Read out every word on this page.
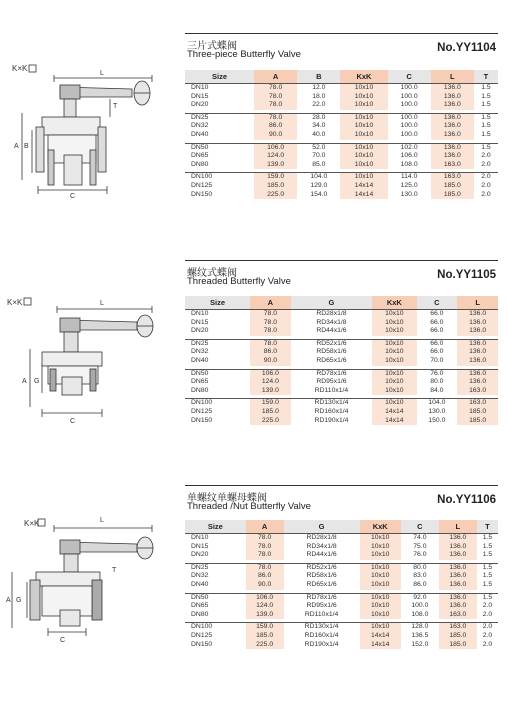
K×K
L
T
B
A
C
三片式蝶阀
Three-piece Butterfly Valve
No.YY1104
Size	A	B	KxK	C	L	T
DN10	78.0	12.0	10x10	100.0	136.0	1.5
DN15	78.0	18.0	10x10	100.0	136.0	1.5
DN20	78.0	22.0	10x10	100.0	136.0	1.5

DN25	78.0	28.0	10x10	100.0	136.0	1.5
DN32	86.0	34.0	10x10	100.0	136.0	1.5
DN40	90.0	40.0	10x10	100.0	136.0	1.5

DN50	106.0	52.0	10x10	102.0	136.0	1.5
DN65	124.0	70.0	10x10	106.0	136.0	2.0
DN80	139.0	85.0	10x10	108.0	163.0	2.0

DN100	159.0	104.0	10x10	114.0	163.0	2.0
DN125	185.0	129.0	14x14	125.0	185.0	2.0
DN150	225.0	154.0	14x14	130.0	185.0	2.0
K×K	L
G
A
C
螺纹式蝶阀
Threaded Butterfly Valve
No.YY1105
Size	A	G	KxK	C	L
DN10	78.0	RD28x1/8	10x10	66.0	136.0
DN15	78.0	RD34x1/8	10x10	66.0	136.0
DN20	78.0	RD44x1/6	10x10	66.0	136.0

DN25	78.0	RD52x1/6	10x10	66.0	136.0
DN32	86.0	RD58x1/6	10x10	66.0	136.0
DN40	90.0	RD65x1/6	10x10	70.0	136.0

DN50	106.0	RD78x1/6	10x10	76.0	136.0
DN65	124.0	RD95x1/6	10x10	80.0	136.0
DN80	139.0	RD110x1/4	10x10	84.0	163.0

DN100	159.0	RD130x1/4	10x10	104.0	163.0
DN125	185.0	RD160x1/4	14x14	130.0	185.0
DN150	225.0	RD190x1/4	14x14	150.0	185.0
K×K	L
T
G
A
C
单螺纹单螺母蝶阀
Threaded /Nut Butterfly Valve
No.YY1106
Size	A	G	KxK	C	L	T
DN10	78.0	RD28x1/8	10x10	74.0	136.0	1.5
DN15	78.0	RD34x1/8	10x10	75.0	136.0	1.5
DN20	78.0	RD44x1/6	10x10	76.0	136.0	1.5

DN25	78.0	RD52x1/6	10x10	80.0	136.0	1.5
DN32	86.0	RD58x1/6	10x10	83.0	136.0	1.5
DN40	90.0	RD65x1/6	10x10	86.0	136.0	1.5

DN50	106.0	RD78x1/6	10x10	92.0	136.0	1.5
DN65	124.0	RD95x1/6	10x10	100.0	136.0	2.0
DN80	139.0	RD110x1/4	10x10	108.0	163.0	2.0

DN100	159.0	RD130x1/4	10x10	128.0	163.0	2.0
DN125	185.0	RD160x1/4	14x14	136.5	185.0	2.0
DN150	225.0	RD190x1/4	14x14	152.0	185.0	2.0
